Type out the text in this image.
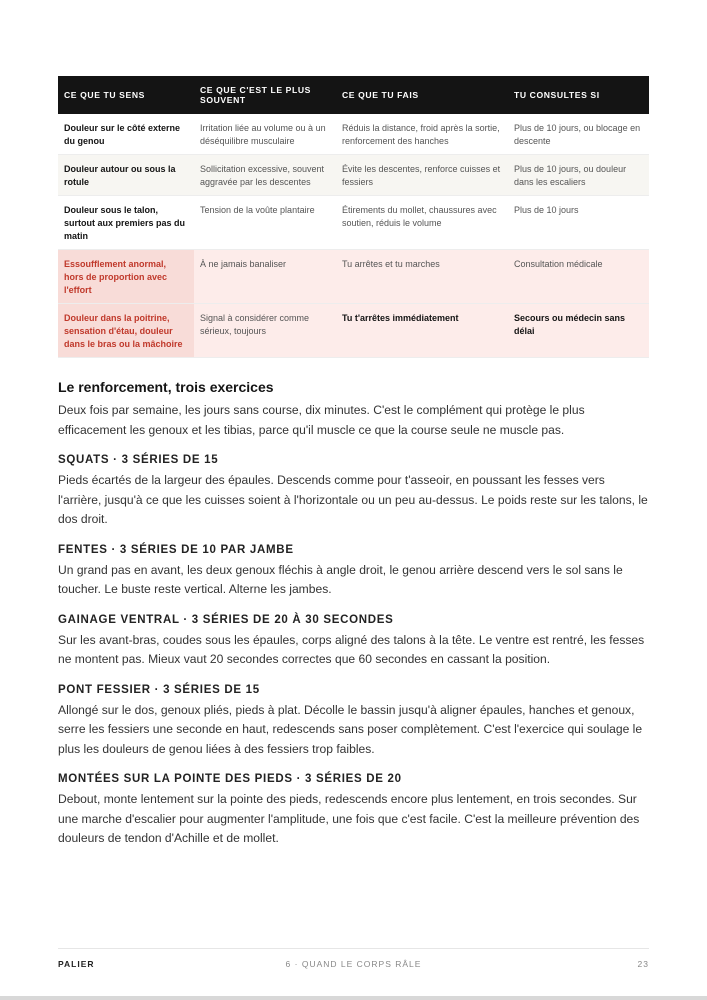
CE QUE TU SENS	CE QUE C'EST LE PLUS SOUVENT	CE QUE TU FAIS	TU CONSULTES SI
Douleur sur le côté externe du genou	Irritation liée au volume ou à un déséquilibre musculaire	Réduis la distance, froid après la sortie, renforcement des hanches	Plus de 10 jours, ou blocage en descente
Douleur autour ou sous la rotule	Sollicitation excessive, souvent aggravée par les descentes	Évite les descentes, renforce cuisses et fessiers	Plus de 10 jours, ou douleur dans les escaliers
Douleur sous le talon, surtout aux premiers pas du matin	Tension de la voûte plantaire	Étirements du mollet, chaussures avec soutien, réduis le volume	Plus de 10 jours
Essoufflement anormal, hors de proportion avec l'effort	À ne jamais banaliser	Tu arrêtes et tu marches	Consultation médicale
Douleur dans la poitrine, sensation d'étau, douleur dans le bras ou la mâchoire	Signal à considérer comme sérieux, toujours	Tu t'arrêtes immédiatement	Secours ou médecin sans délai
Le renforcement, trois exercices

Deux fois par semaine, les jours sans course, dix minutes. C'est le complément qui protège le plus efficacement les genoux et les tibias, parce qu'il muscle ce que la course seule ne muscle pas.

SQUATS · 3 SÉRIES DE 15

Pieds écartés de la largeur des épaules. Descends comme pour t'asseoir, en poussant les fesses vers l'arrière, jusqu'à ce que les cuisses soient à l'horizontale ou un peu au-dessus. Le poids reste sur les talons, le dos droit.

FENTES · 3 SÉRIES DE 10 PAR JAMBE

Un grand pas en avant, les deux genoux fléchis à angle droit, le genou arrière descend vers le sol sans le toucher. Le buste reste vertical. Alterne les jambes.

GAINAGE VENTRAL · 3 SÉRIES DE 20 À 30 SECONDES

Sur les avant-bras, coudes sous les épaules, corps aligné des talons à la tête. Le ventre est rentré, les fesses ne montent pas. Mieux vaut 20 secondes correctes que 60 secondes en cassant la position.

PONT FESSIER · 3 SÉRIES DE 15

Allongé sur le dos, genoux pliés, pieds à plat. Décolle le bassin jusqu'à aligner épaules, hanches et genoux, serre les fessiers une seconde en haut, redescends sans poser complètement. C'est l'exercice qui soulage le plus les douleurs de genou liées à des fessiers trop faibles.

MONTÉES SUR LA POINTE DES PIEDS · 3 SÉRIES DE 20

Debout, monte lentement sur la pointe des pieds, redescends encore plus lentement, en trois secondes. Sur une marche d'escalier pour augmenter l'amplitude, une fois que c'est facile. C'est la meilleure prévention des douleurs de tendon d'Achille et de mollet.

PALIER	6 · QUAND LE CORPS RÂLE	23
